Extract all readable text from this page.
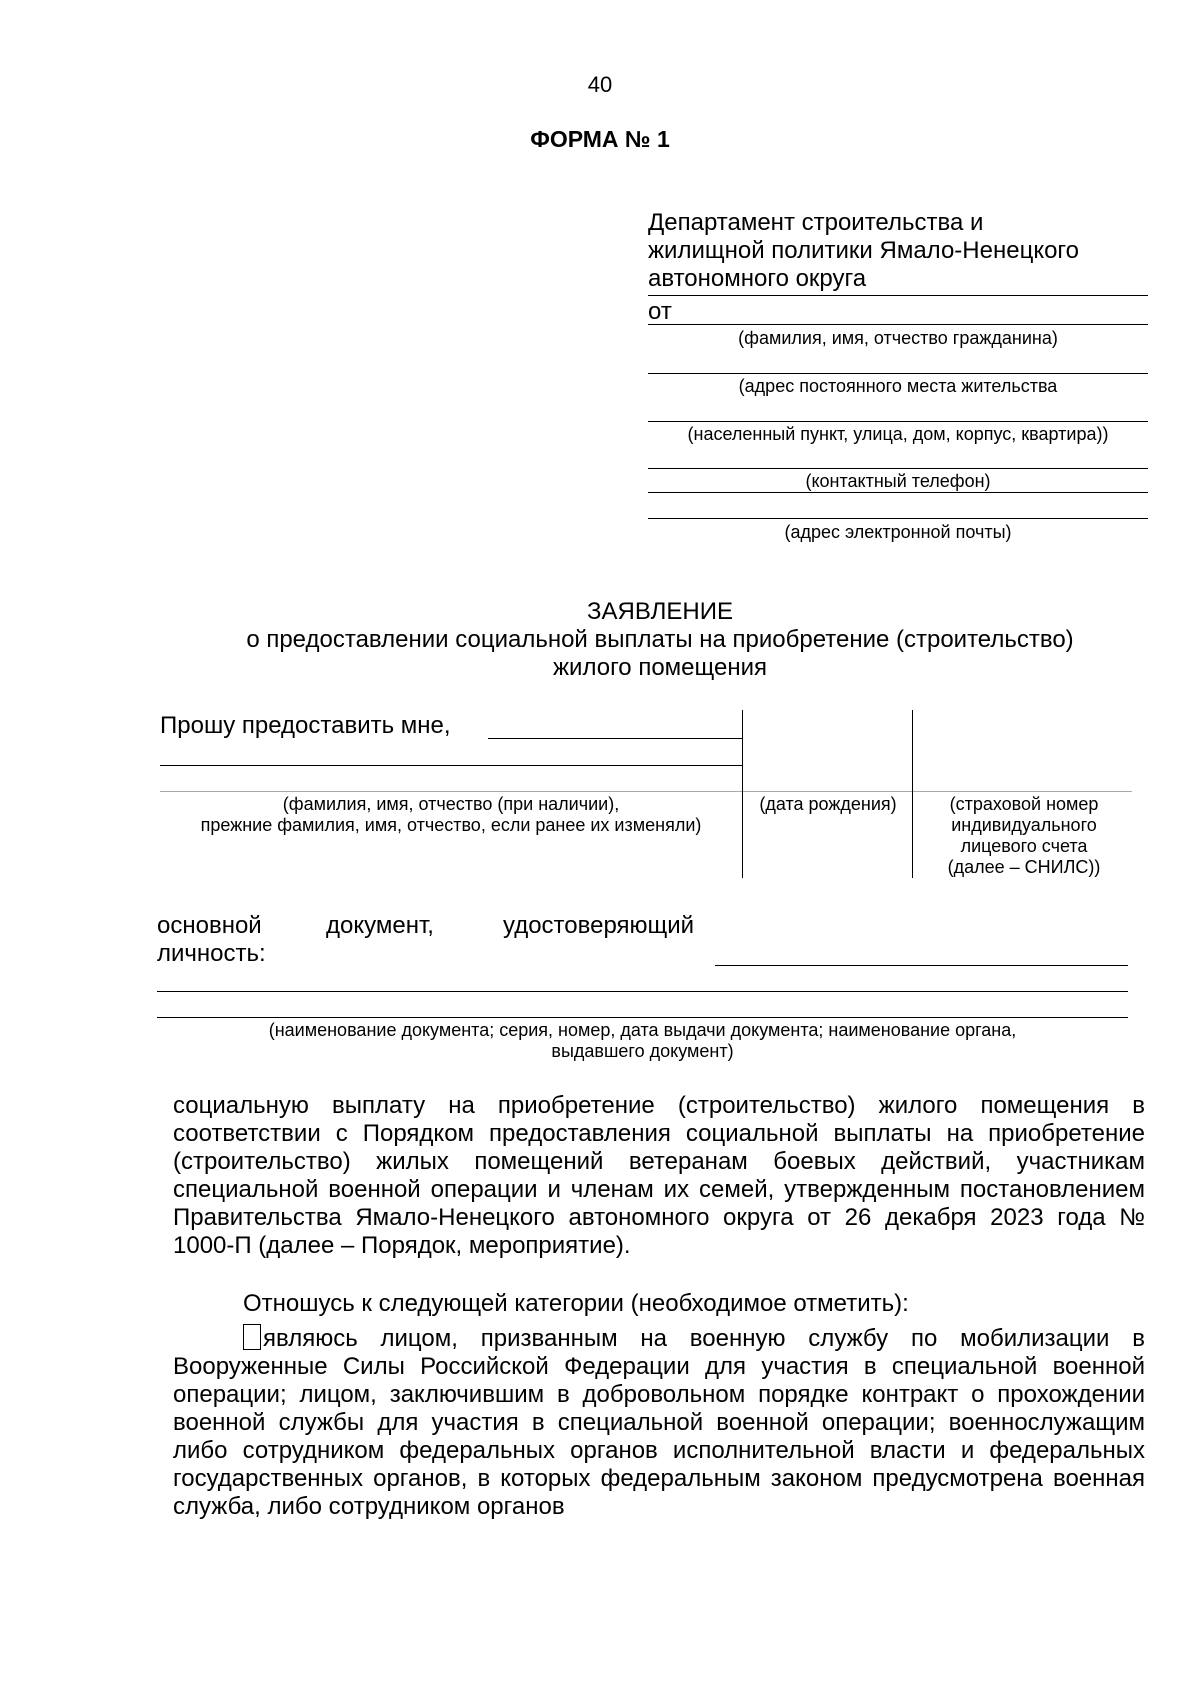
40
ФОРМА № 1
Департамент строительства и
жилищной политики Ямало-Ненецкого
автономного округа
от
(фамилия, имя, отчество гражданина)
(адрес постоянного места жительства
(населенный пункт, улица, дом, корпус, квартира))
(контактный телефон)
(адрес электронной почты)
ЗАЯВЛЕНИЕ
о предоставлении социальной выплаты на приобретение (строительство)
жилого помещения
Прошу предоставить мне,
(фамилия, имя, отчество (при наличии),
прежние фамилия, имя, отчество, если ранее их изменяли)
(дата рождения)	(страховой номер
индивидуального
лицевого счета
(далее – СНИЛС))
основной	документ,	удостоверяющий
личность:
(наименование документа; серия, номер, дата выдачи документа; наименование органа,
выдавшего документ)
социальную выплату на приобретение (строительство) жилого помещения в соответствии с Порядком предоставления социальной выплаты на приобретение (строительство) жилых помещений ветеранам боевых действий, участникам специальной военной операции и членам их семей, утвержденным постановлением Правительства Ямало-Ненецкого автономного округа от 26 декабря 2023 года № 1000-П (далее – Порядок, мероприятие).
Отношусь к следующей категории (необходимое отметить):
являюсь лицом, призванным на военную службу по мобилизации в Вооруженные Силы Российской Федерации для участия в специальной военной операции; лицом, заключившим в добровольном порядке контракт о прохождении военной службы для участия в специальной военной операции; военнослужащим либо сотрудником федеральных органов исполнительной власти и федеральных государственных органов, в которых федеральным законом предусмотрена военная служба, либо сотрудником органов
